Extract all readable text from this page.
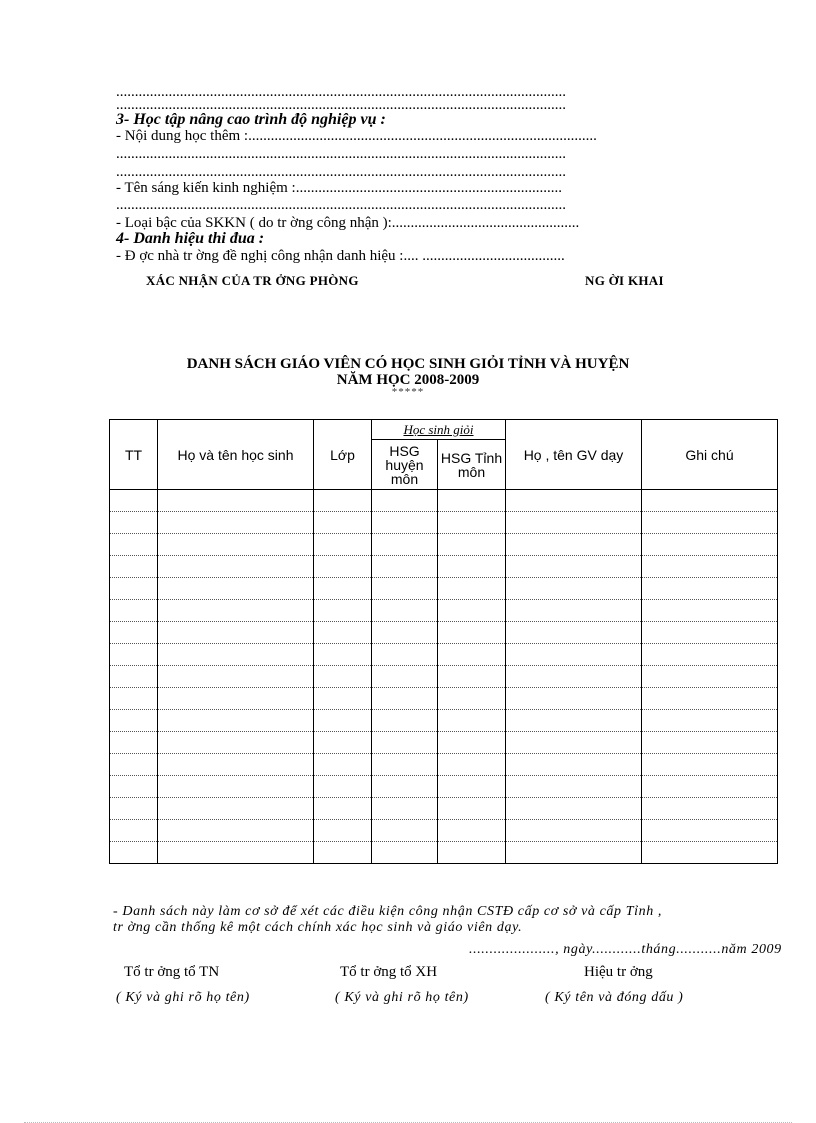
........................................................................................................................
........................................................................................................................
3- Học tập nâng cao trình độ nghiệp vụ :
- Nội dung học thêm :.............................................................................................
........................................................................................................................
........................................................................................................................
- Tên sáng kiến kinh nghiệm :.......................................................................
........................................................................................................................
- Loại bậc của SKKN ( do tr ờng công nhận ):..................................................
4- Danh hiệu thi đua :
- Đ ợc nhà tr ờng đề nghị công nhận danh hiệu :.... ......................................
XÁC NHẬN CỦA TR ỞNG PHÒNG	NG ỜI KHAI
DANH SÁCH GIÁO VIÊN CÓ HỌC SINH GIỎI TỈNH VÀ HUYỆN
NĂM HỌC 2008-2009
*****
TT	Họ và tên học sinh	Lớp	Học sinh giỏi		Họ , tên GV dạy	Ghi chú
			HSG huyện môn	HSG Tỉnh môn		

- Danh sách này làm cơ sở để xét các điều kiện công nhận CSTĐ cấp cơ sở và cấp Tỉnh ,
tr ờng cần thống kê một cách chính xác học sinh và giáo viên dạy.
....................., ngày............tháng...........năm 2009
Tổ tr ởng tổ TN	Tổ tr ởng tổ XH	Hiệu tr ởng
( Ký và ghi rõ họ tên)	( Ký và ghi rõ họ tên)	( Ký tên và đóng dấu )
